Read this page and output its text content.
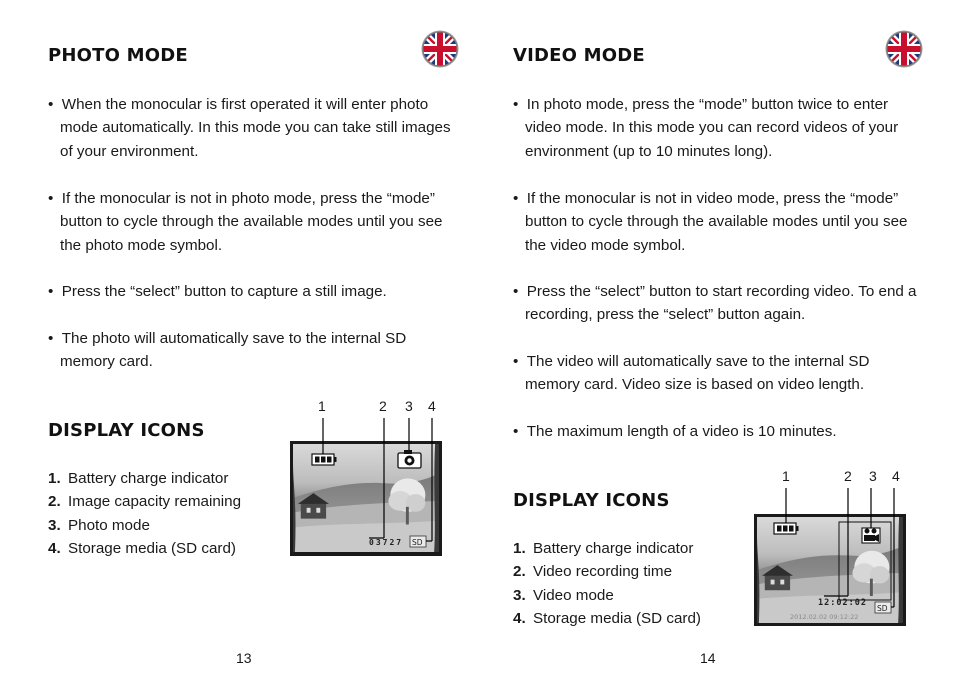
PHOTO MODE

•  When the monocular is first operated it will enter photo mode automatically. In this mode you can take still images of your environment.

•  If the monocular is not in photo mode, press the “mode” button to cycle through the available modes until you see the photo mode symbol.

•  Press the “select” button to capture a still image.

•  The photo will automatically save to the internal SD memory card.

DISPLAY ICONS
1. Battery charge indicator
2. Image capacity remaining
3. Photo mode
4. Storage media (SD card)
1	2 3 4
03727 SD
13
VIDEO MODE

•  In photo mode, press the “mode” button twice to enter video mode. In this mode you can record videos of your environment (up to 10 minutes long).

•  If the monocular is not in video mode, press the “mode” button to cycle through the available modes until you see the video mode symbol.

•  Press the “select” button to start recording video. To end a recording, press the “select” button again.

•  The video will automatically save to the internal SD memory card. Video size is based on video length.

•  The maximum length of a video is 10 minutes.

DISPLAY ICONS
1. Battery charge indicator
2. Video recording time
3. Video mode
4. Storage media (SD card)
1	2 3 4
12:02:02
2012.02.02 09:12:22
SD
14
